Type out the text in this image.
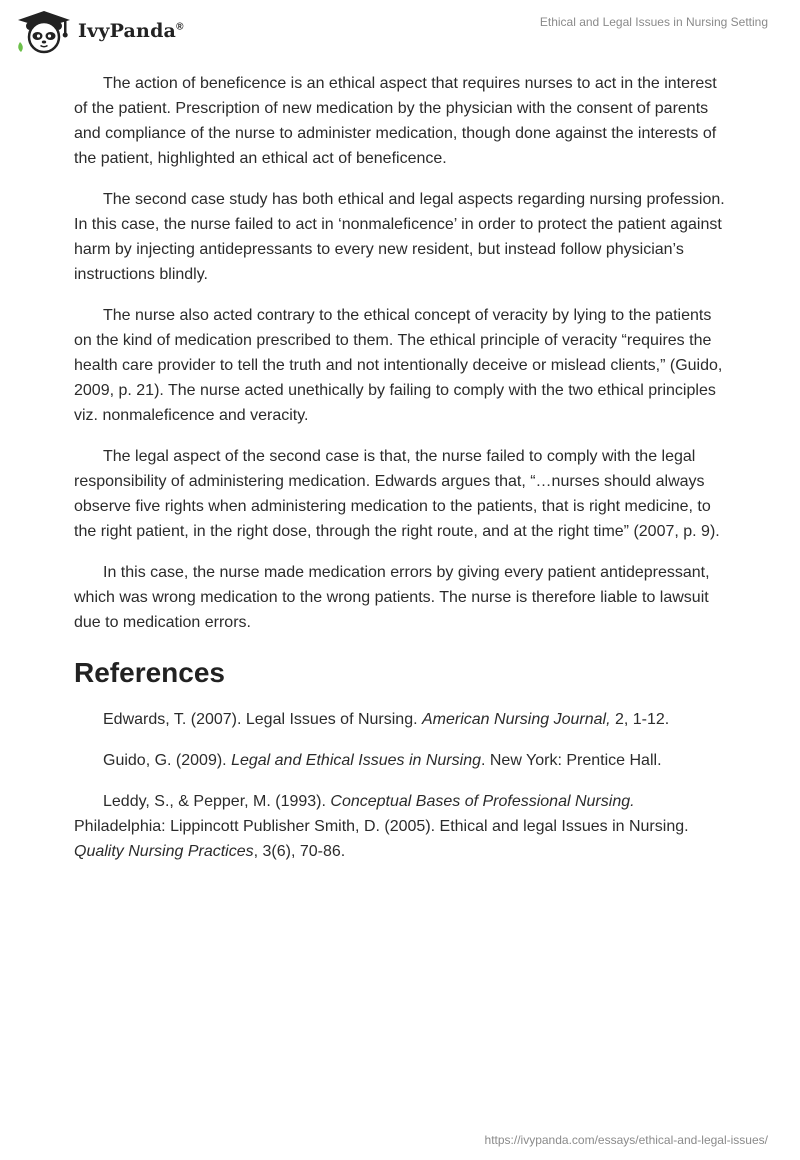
IvyPanda®	Ethical and Legal Issues in Nursing Setting

The action of beneficence is an ethical aspect that requires nurses to act in the interest of the patient. Prescription of new medication by the physician with the consent of parents and compliance of the nurse to administer medication, though done against the interests of the patient, highlighted an ethical act of beneficence.

The second case study has both ethical and legal aspects regarding nursing profession. In this case, the nurse failed to act in ‘nonmaleficence’ in order to protect the patient against harm by injecting antidepressants to every new resident, but instead follow physician’s instructions blindly.

The nurse also acted contrary to the ethical concept of veracity by lying to the patients on the kind of medication prescribed to them. The ethical principle of veracity “requires the health care provider to tell the truth and not intentionally deceive or mislead clients,” (Guido, 2009, p. 21). The nurse acted unethically by failing to comply with the two ethical principles viz. nonmaleficence and veracity.

The legal aspect of the second case is that, the nurse failed to comply with the legal responsibility of administering medication. Edwards argues that, “…nurses should always observe five rights when administering medication to the patients, that is right medicine, to the right patient, in the right dose, through the right route, and at the right time” (2007, p. 9).

In this case, the nurse made medication errors by giving every patient antidepressant, which was wrong medication to the wrong patients. The nurse is therefore liable to lawsuit due to medication errors.

References

Edwards, T. (2007). Legal Issues of Nursing. American Nursing Journal, 2, 1-12.

Guido, G. (2009). Legal and Ethical Issues in Nursing. New York: Prentice Hall.

Leddy, S., & Pepper, M. (1993). Conceptual Bases of Professional Nursing. Philadelphia: Lippincott Publisher Smith, D. (2005). Ethical and legal Issues in Nursing. Quality Nursing Practices, 3(6), 70-86.

https://ivypanda.com/essays/ethical-and-legal-issues/
